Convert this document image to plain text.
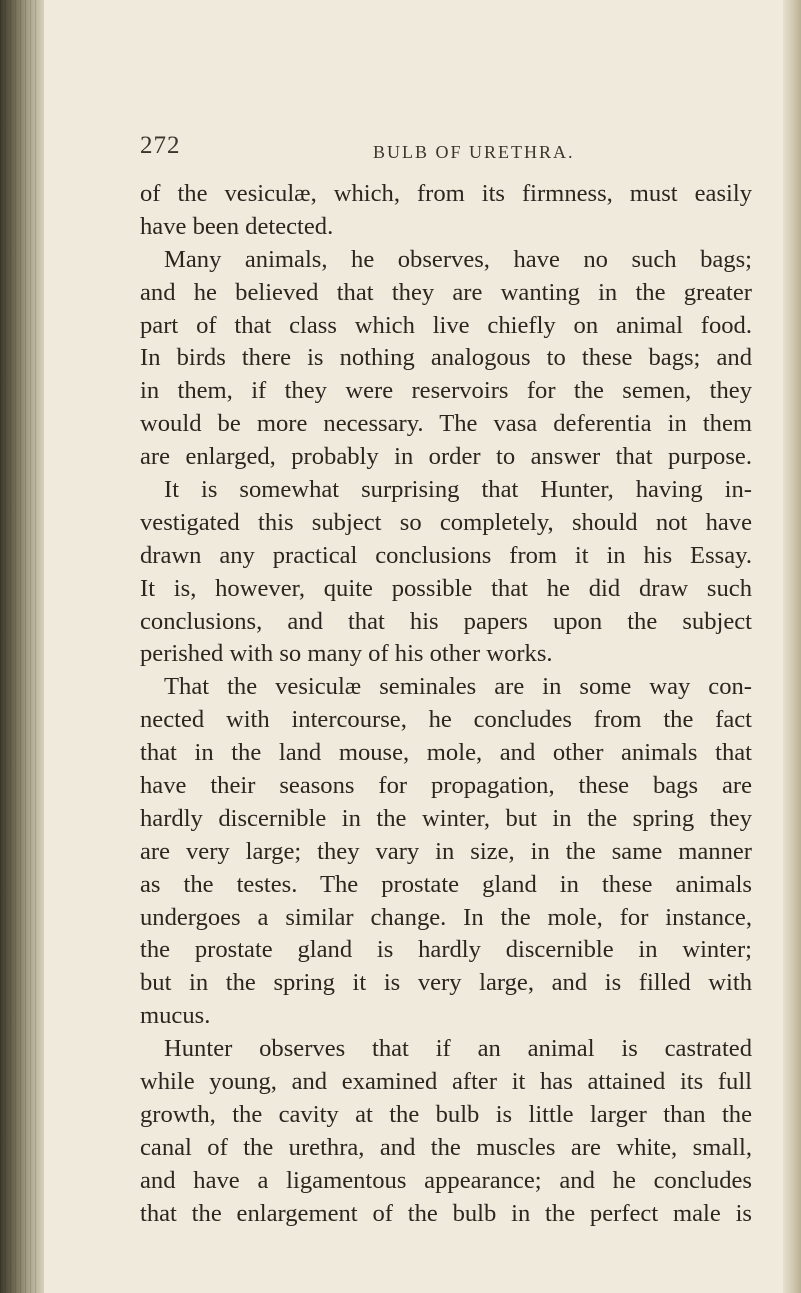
272	BULB OF URETHRA.
of the vesiculæ, which, from its firmness, must easily
have been detected.
Many animals, he observes, have no such bags;
and he believed that they are wanting in the greater
part of that class which live chiefly on animal food.
In birds there is nothing analogous to these bags; and
in them, if they were reservoirs for the semen, they
would be more necessary. The vasa deferentia in them
are enlarged, probably in order to answer that purpose.
It is somewhat surprising that Hunter, having in-
vestigated this subject so completely, should not have
drawn any practical conclusions from it in his Essay.
It is, however, quite possible that he did draw such
conclusions, and that his papers upon the subject
perished with so many of his other works.
That the vesiculæ seminales are in some way con-
nected with intercourse, he concludes from the fact
that in the land mouse, mole, and other animals that
have their seasons for propagation, these bags are
hardly discernible in the winter, but in the spring they
are very large; they vary in size, in the same manner
as the testes. The prostate gland in these animals
undergoes a similar change. In the mole, for instance,
the prostate gland is hardly discernible in winter;
but in the spring it is very large, and is filled with
mucus.
Hunter observes that if an animal is castrated
while young, and examined after it has attained its full
growth, the cavity at the bulb is little larger than the
canal of the urethra, and the muscles are white, small,
and have a ligamentous appearance; and he concludes
that the enlargement of the bulb in the perfect male is
